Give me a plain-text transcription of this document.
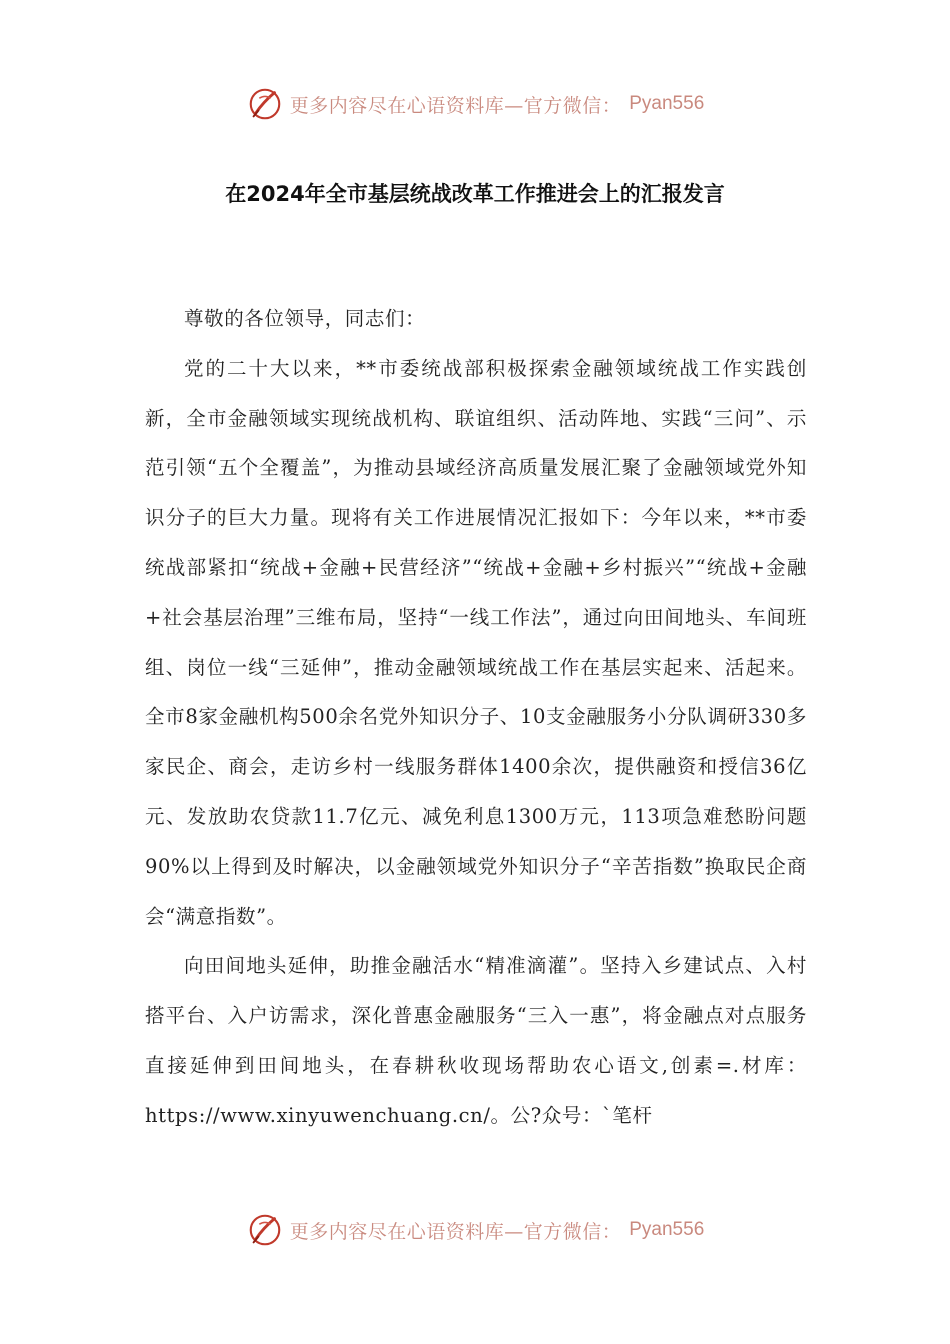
更多内容尽在心语资料库—官方微信： Pyan556
在2024年全市基层统战改革工作推进会上的汇报发言

尊敬的各位领导，同志们：

党的二十大以来，**市委统战部积极探索金融领域统战工作实践创新，全市金融领域实现统战机构、联谊组织、活动阵地、实践“三问”、示范引领“五个全覆盖”，为推动县域经济高质量发展汇聚了金融领域党外知识分子的巨大力量。现将有关工作进展情况汇报如下：今年以来，**市委统战部紧扣“统战+金融+民营经济”“统战+金融+乡村振兴”“统战+金融+社会基层治理”三维布局，坚持“一线工作法”，通过向田间地头、车间班组、岗位一线“三延伸”，推动金融领域统战工作在基层实起来、活起来。全市8家金融机构500余名党外知识分子、10支金融服务小分队调研330多家民企、商会，走访乡村一线服务群体1400余次，提供融资和授信36亿元、发放助农贷款11.7亿元、减免利息1300万元，113项急难愁盼问题90%以上得到及时解决，以金融领域党外知识分子“辛苦指数”换取民企商会“满意指数”。

向田间地头延伸，助推金融活水“精准滴灌”。坚持入乡建试点、入村搭平台、入户访需求，深化普惠金融服务“三入一惠”，将金融点对点服务直接延伸到田间地头，在春耕秋收现场帮助农心语文,创素=.材库：https://www.xinyuwenchuang.cn/。公?众号：`笔杆

更多内容尽在心语资料库—官方微信： Pyan556
